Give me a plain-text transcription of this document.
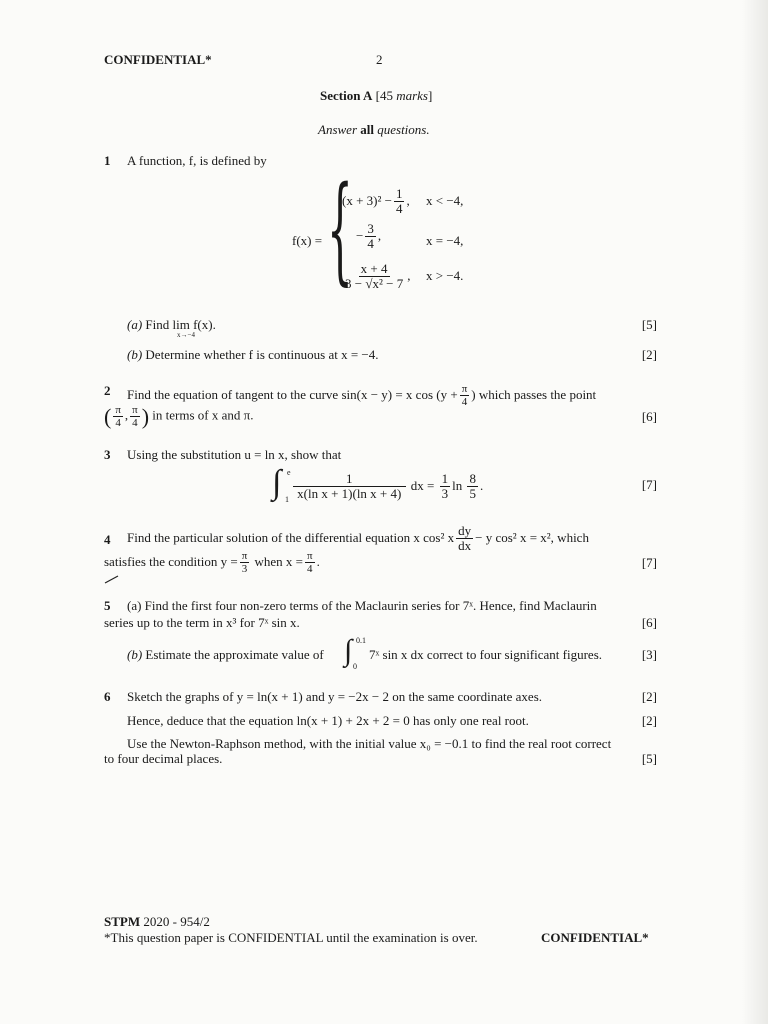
CONFIDENTIAL*	2
Section A [45 marks]
Answer all questions.
1 A function, f, is defined by
f(x) = {
$(x + 3)^2 - \frac{1}{4}$ , x < −4,
− $\frac{3}{4}$ ,	x = −4,
$\frac{x + 4}{\text{3 − √x² − 7}}$ , x > −4.
(a) Find lim f(x).
x→−4
[5]
(b) Determine whether f is continuous at x = −4.	[2]
2 Find the equation of tangent to the curve sin(x − y) = x $\cos (y + \frac{\pi}{4}$ ) which passes the point
( $\frac{\pi}{4}$ , $\frac{\pi}{4}$ ) in terms of x and π.	[6]
3 Using the substitution u = ln x, show that
∫ e
$1 \frac{1}{\text{x(ln x + 1)(ln x + 4)}}$ dx = $\frac{1}{3}$ $\ln \frac{8}{5}$ .	[7]
4 Find the particular solution of the differential equation x cos² x $\frac{dy}{dx} - y$ cos² x = x², which
satisfies the condition $y = \frac{\pi}{3}$ when $x = \frac{\pi}{4}$ .	[7]
5 (a) Find the first four non-zero terms of the Maclaurin series for 7ˣ. Hence, find Maclaurin
series up to the term in x³ for 7ˣ sin x.	[6]
(b) Estimate the approximate value of ∫ 0.1
0
7ˣ sin x dx correct to four significant figures.	[3]
6 Sketch the graphs of y = ln(x + 1) and y = −2x − 2 on the same coordinate axes.	[2]
Hence, deduce that the equation ln(x + 1) + 2x + 2 = 0 has only one real root.	[2]
Use the Newton-Raphson method, with the initial value x₀ = −0.1 to find the real root correct
to four decimal places.	[5]
STPM 2020 - 954/2
*This question paper is CONFIDENTIAL until the examination is over.	CONFIDENTIAL*
